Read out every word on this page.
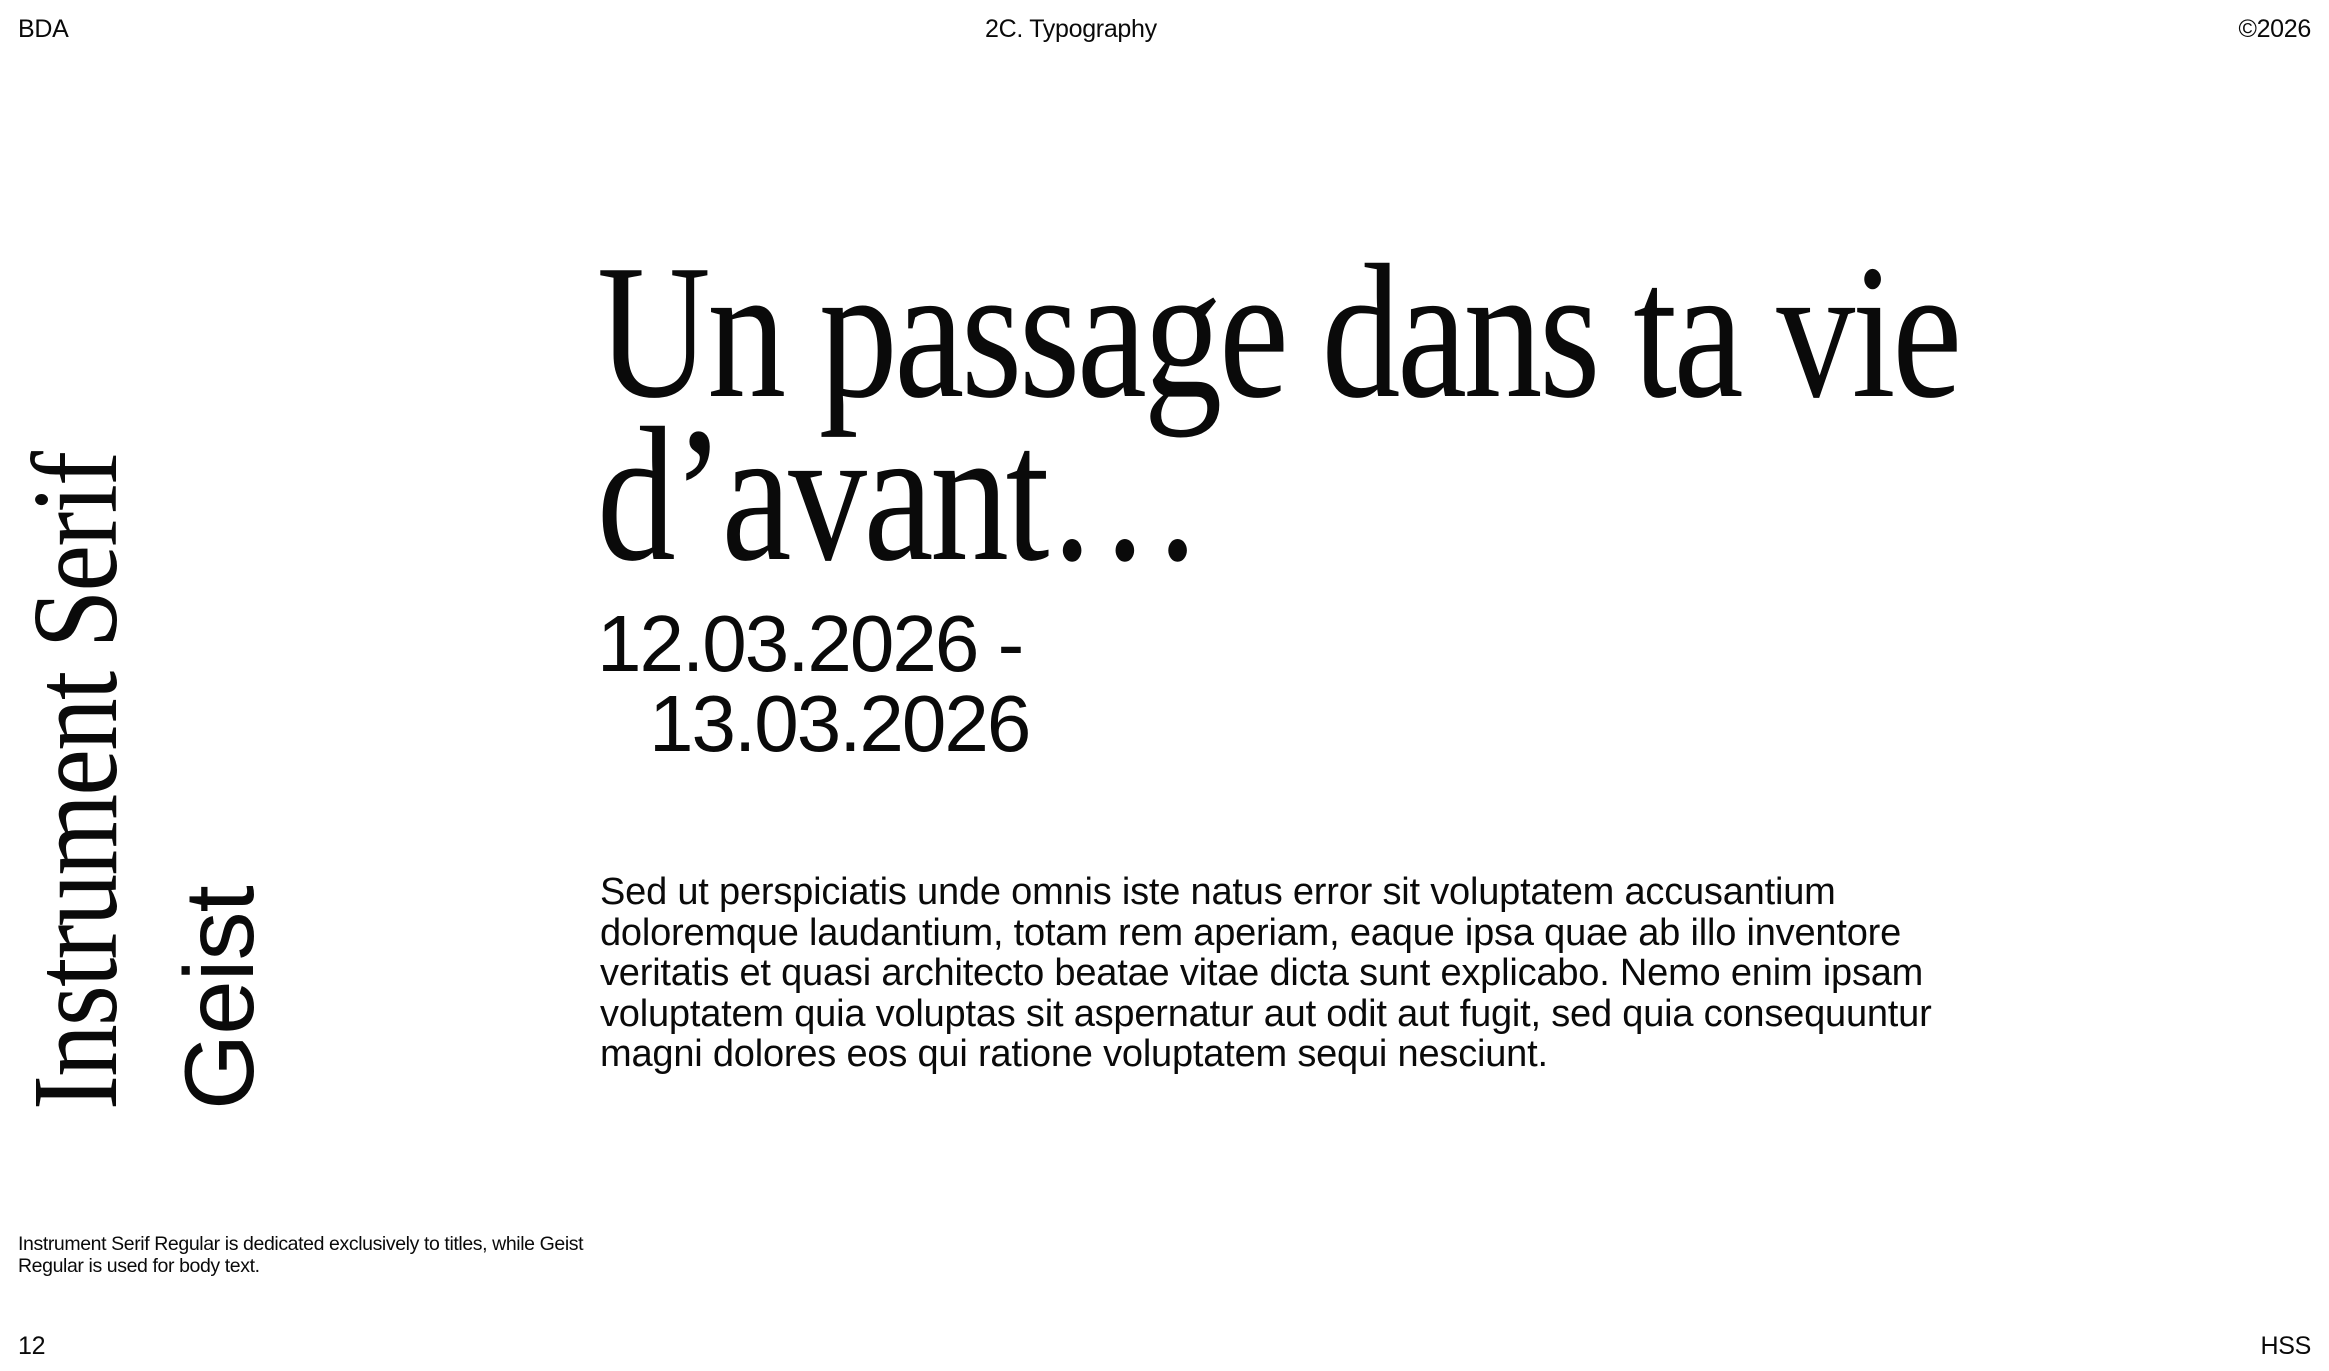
BDA	2C. Typography	©2026
Instrument Serif Geist
Instrument Serif Regular is dedicated exclusively to titles, while Geist Regular is used for body text.
Un passage dans ta vie
d’avant…
12.03.2026 -
13.03.2026

Sed ut perspiciatis unde omnis iste natus error sit voluptatem accusantium doloremque laudantium, totam rem aperiam, eaque ipsa quae ab illo inventore veritatis et quasi architecto beatae vitae dicta sunt explicabo. Nemo enim ipsam voluptatem quia voluptas sit aspernatur aut odit aut fugit, sed quia consequuntur magni dolores eos qui ratione voluptatem sequi nesciunt.

12	HSS
